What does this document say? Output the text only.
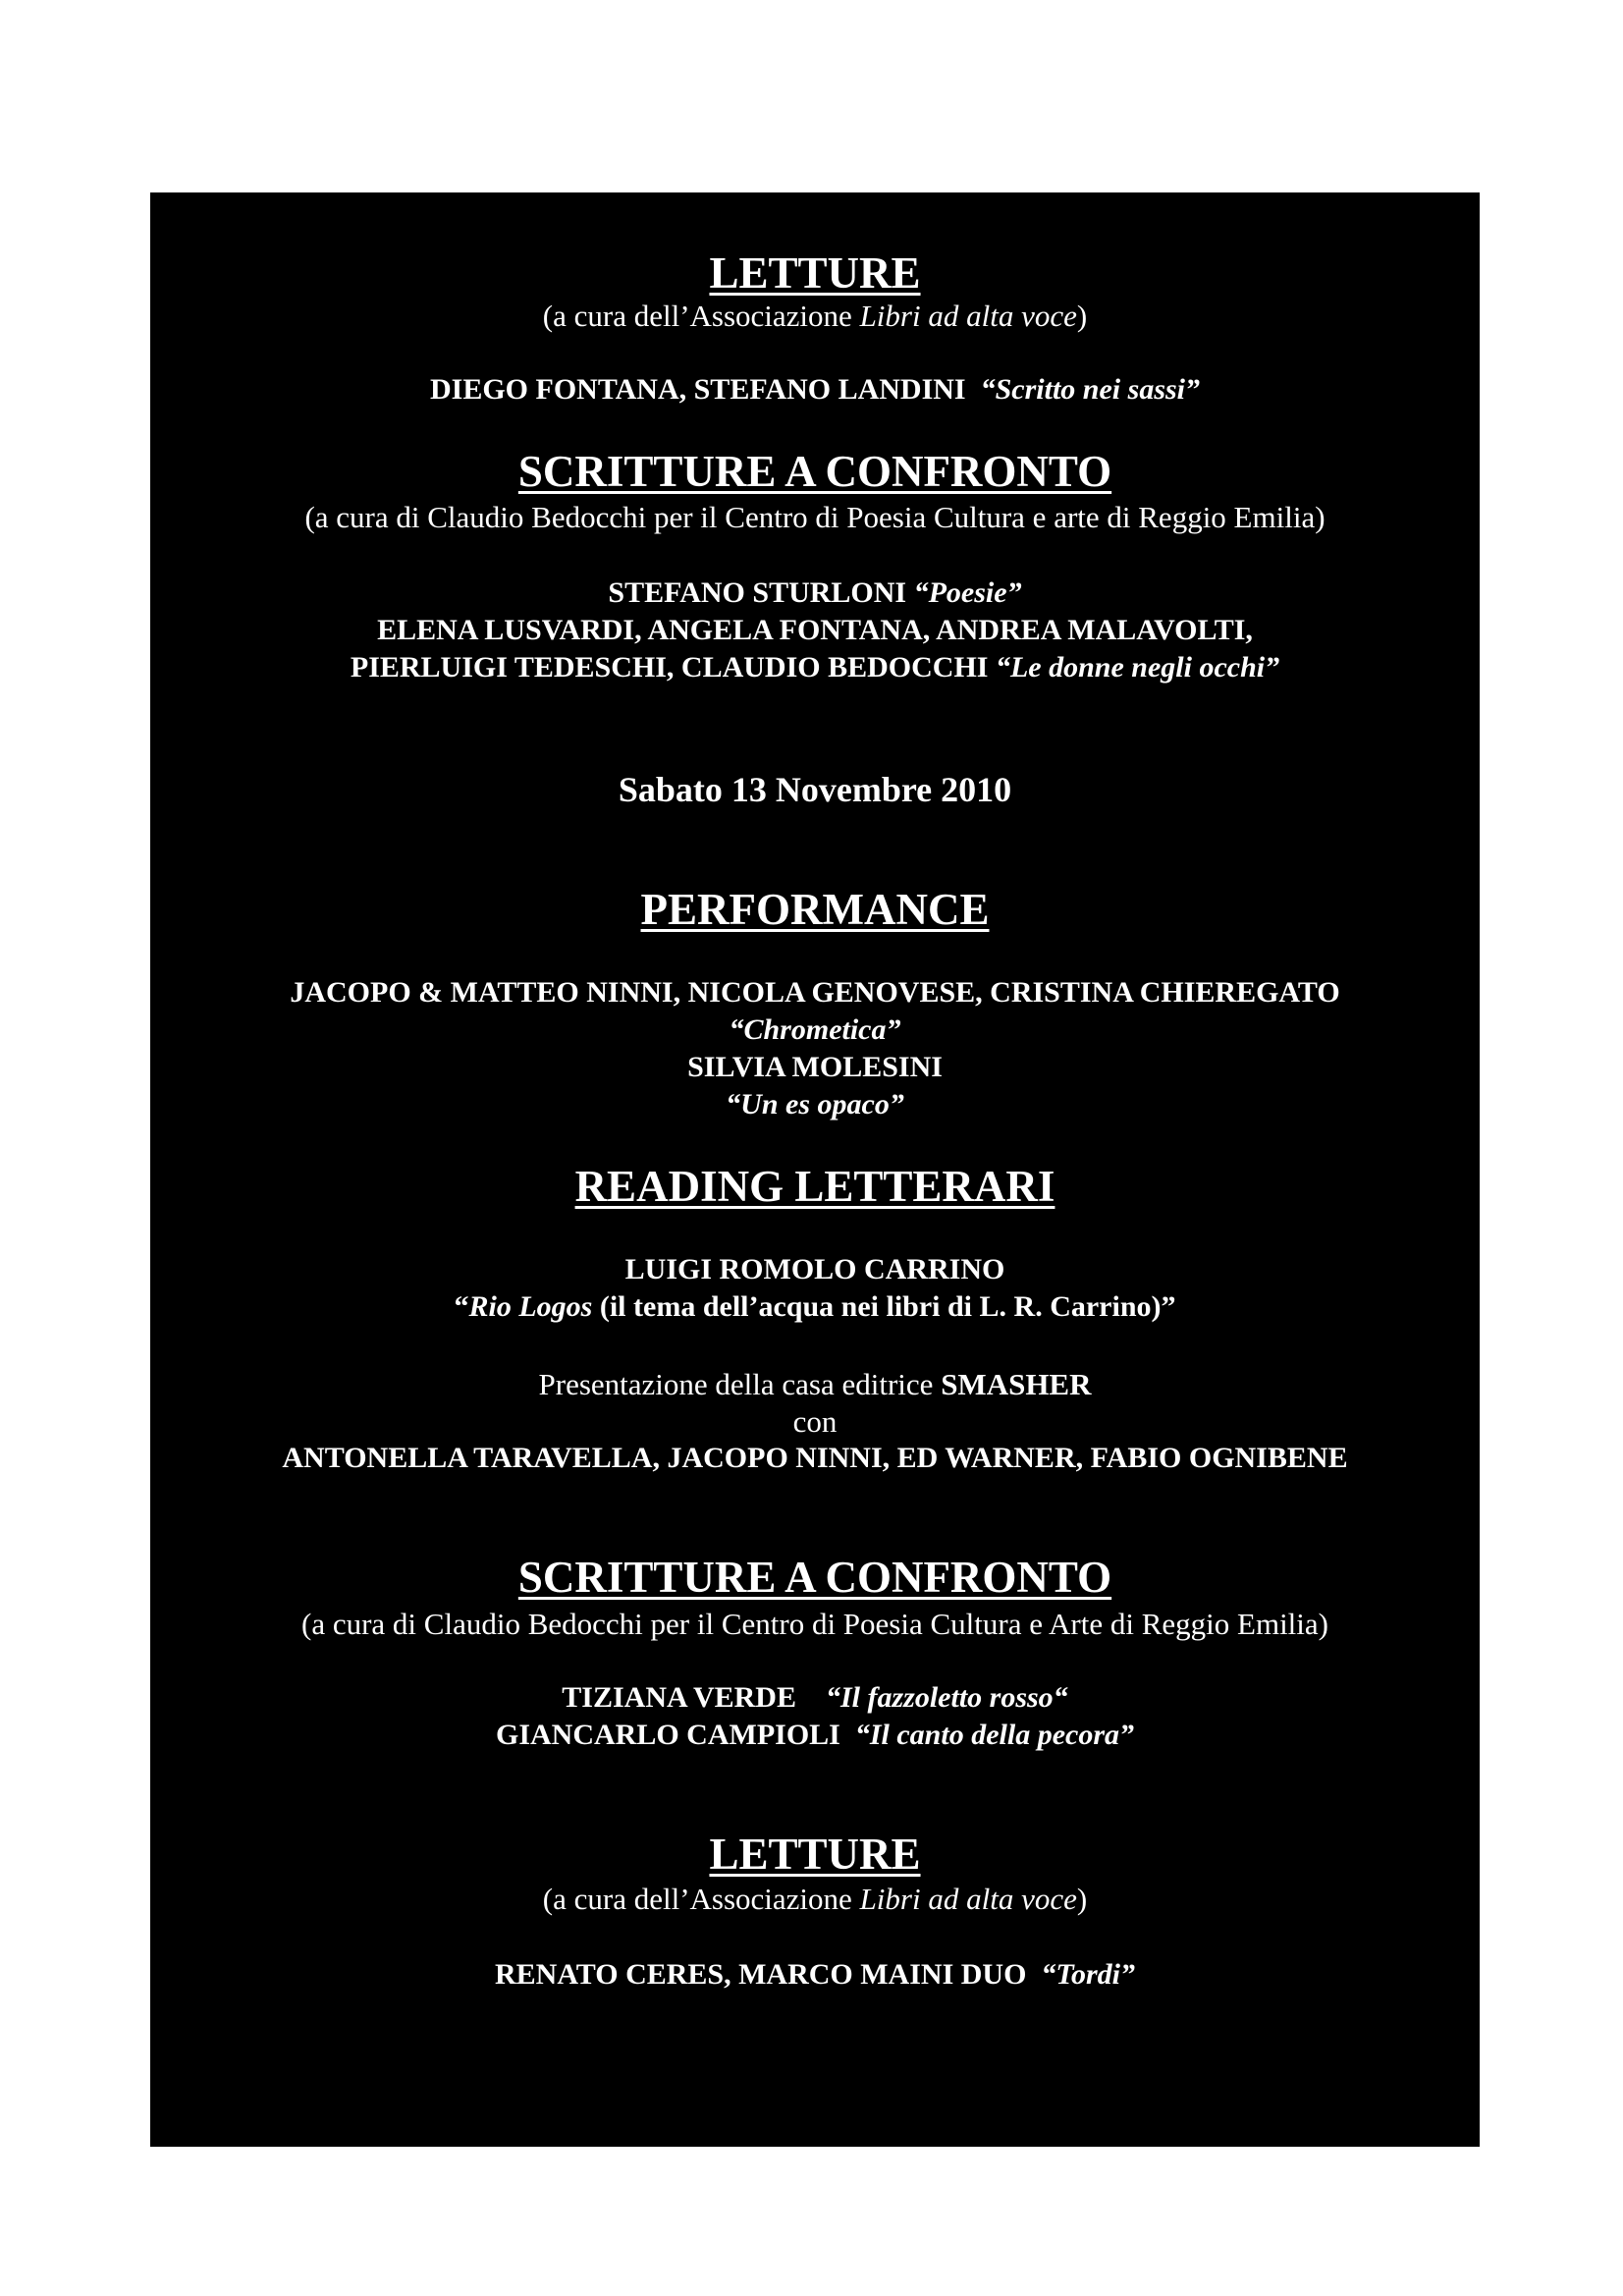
LETTURE
(a cura dell’Associazione Libri ad alta voce)
DIEGO FONTANA, STEFANO LANDINI “Scritto nei sassi”
SCRITTURE A CONFRONTO
(a cura di Claudio Bedocchi per il Centro di Poesia Cultura e arte di Reggio Emilia)
STEFANO STURLONI “Poesie”
ELENA LUSVARDI, ANGELA FONTANA, ANDREA MALAVOLTI,
PIERLUIGI TEDESCHI, CLAUDIO BEDOCCHI “Le donne negli occhi”
Sabato 13 Novembre 2010
PERFORMANCE
JACOPO & MATTEO NINNI, NICOLA GENOVESE, CRISTINA CHIEREGATO
“Chrometica”
SILVIA MOLESINI
“Un es opaco”
READING LETTERARI
LUIGI ROMOLO CARRINO
“Rio Logos (il tema dell’acqua nei libri di L. R. Carrino)”
Presentazione della casa editrice SMASHER
con
ANTONELLA TARAVELLA, JACOPO NINNI, ED WARNER, FABIO OGNIBENE
SCRITTURE A CONFRONTO
(a cura di Claudio Bedocchi per il Centro di Poesia Cultura e Arte di Reggio Emilia)
TIZIANA VERDE “Il fazzoletto rosso“
GIANCARLO CAMPIOLI “Il canto della pecora”
LETTURE
(a cura dell’Associazione Libri ad alta voce)
RENATO CERES, MARCO MAINI DUO “Tordi”
